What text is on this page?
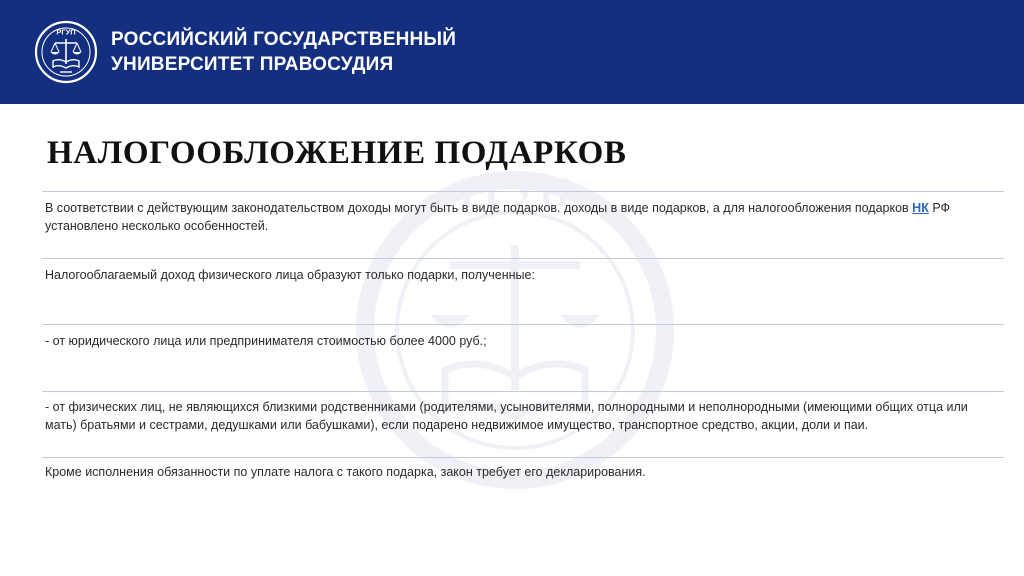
РГУП РОССИЙСКИЙ ГОСУДАРСТВЕННЫЙ
УНИВЕРСИТЕТ ПРАВОСУДИЯ
РГУП
НАЛОГООБЛОЖЕНИЕ ПОДАРКОВ

В соответствии с действующим законодательством доходы могут быть в виде подарков. доходы в виде подарков, а для налогообложения подарков НК РФ установлено несколько особенностей.

Налогооблагаемый доход физического лица образуют только подарки, полученные:

- от юридического лица или предпринимателя стоимостью более 4000 руб.;

- от физических лиц, не являющихся близкими родственниками (родителями, усыновителями, полнородными и неполнородными (имеющими общих отца или мать) братьями и сестрами, дедушками или бабушками), если подарено недвижимое имущество, транспортное средство, акции, доли и паи.

Кроме исполнения обязанности по уплате налога с такого подарка, закон требует его декларирования.
